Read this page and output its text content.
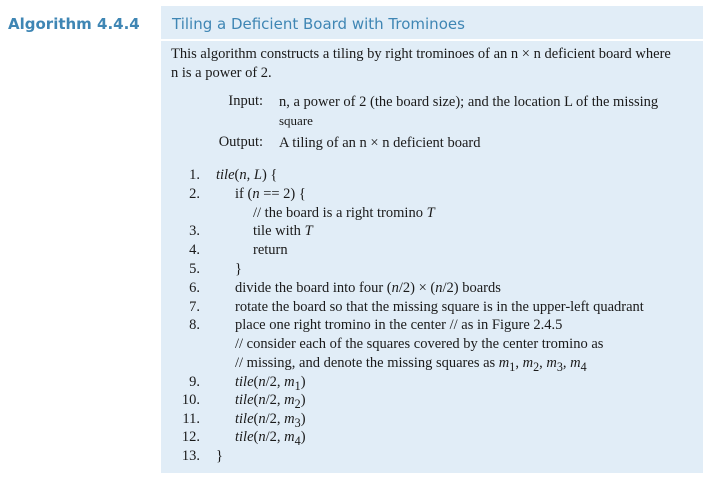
Algorithm 4.4.4 Tiling a Deficient Board with Trominoes
This algorithm constructs a tiling by right trominoes of an n × n deficient board where
n is a power of 2.
Input: n, a power of 2 (the board size); and the location L of the missing
square
Output: A tiling of an n × n deficient board
1. tile(n, L) {
2. if (n == 2) {
// the board is a right tromino T
3.	tile with T
4.	return
5. }
6. divide the board into four (n/2) × (n/2) boards
7. rotate the board so that the missing square is in the upper-left quadrant
8. place one right tromino in the center // as in Figure 2.4.5
// consider each of the squares covered by the center tromino as
// missing, and denote the missing squares as $m_1$, $m_2$, $m_3$, $m_4$
9. tile(n/2, $m_1$)
10. tile(n/2, $m_2$)
11. tile(n/2, $m_3$)
12. tile(n/2, $m_4$)
13. }
